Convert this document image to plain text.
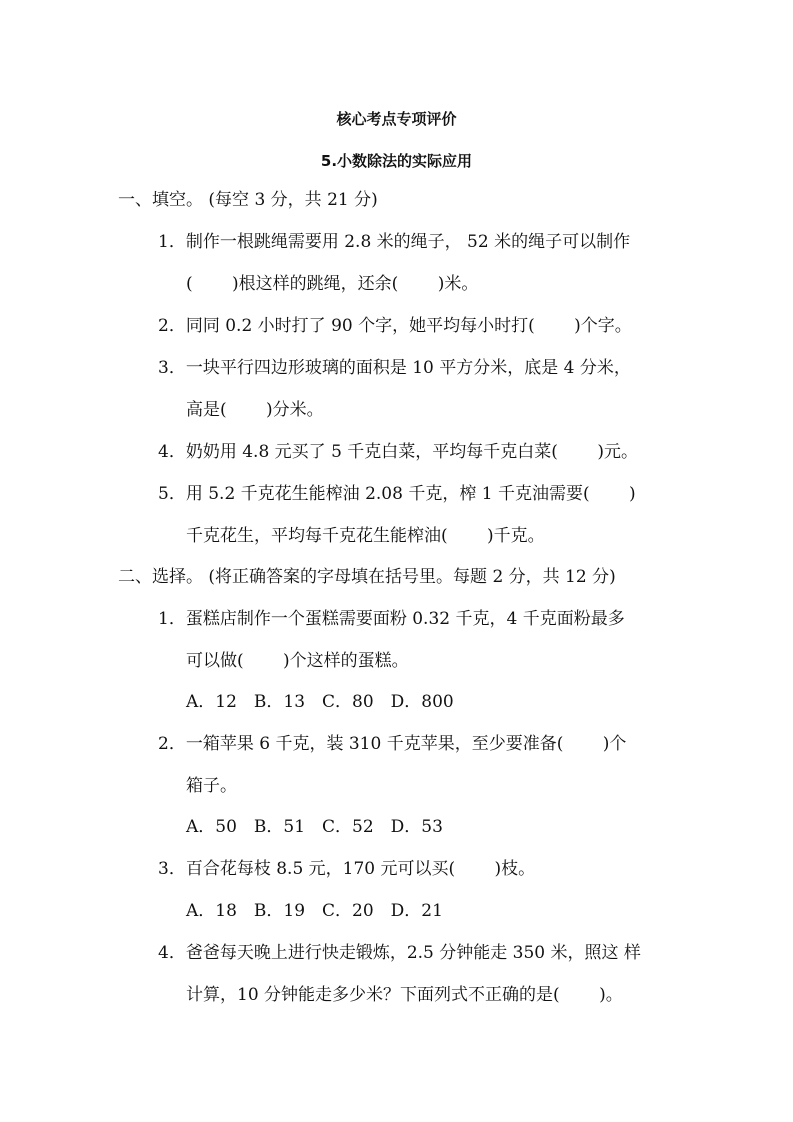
核心考点专项评价
5.小数除法的实际应用
一、填空。 (每空 3 分，共 21 分)
1．制作一根跳绳需要用 2.8 米的绳子， 52 米的绳子可以制作
(　　 )根这样的跳绳，还余(　　 )米。
2．同同 0.2 小时打了 90 个字，她平均每小时打(　　 )个字。
3．一块平行四边形玻璃的面积是 10 平方分米，底是 4 分米，
高是(　　 )分米。
4．奶奶用 4.8 元买了 5 千克白菜，平均每千克白菜(　　 )元。
5．用 5.2 千克花生能榨油 2.08 千克，榨 1 千克油需要(　　 )
千克花生，平均每千克花生能榨油(　　 )千克。
二、选择。 (将正确答案的字母填在括号里。每题 2 分，共 12 分)
1．蛋糕店制作一个蛋糕需要面粉 0.32 千克，4 千克面粉最多
可以做(　　 )个这样的蛋糕。
A．12　B．13　C．80　D．800
2．一箱苹果 6 千克，装 310 千克苹果，至少要准备(　　 )个
箱子。
A．50　B．51　C．52　D．53
3．百合花每枝 8.5 元，170 元可以买(　　 )枝。
A．18　B．19　C．20　D．21
4．爸爸每天晚上进行快走锻炼，2.5 分钟能走 350 米，照这 样
计算，10 分钟能走多少米？下面列式不正确的是(　　 )。
